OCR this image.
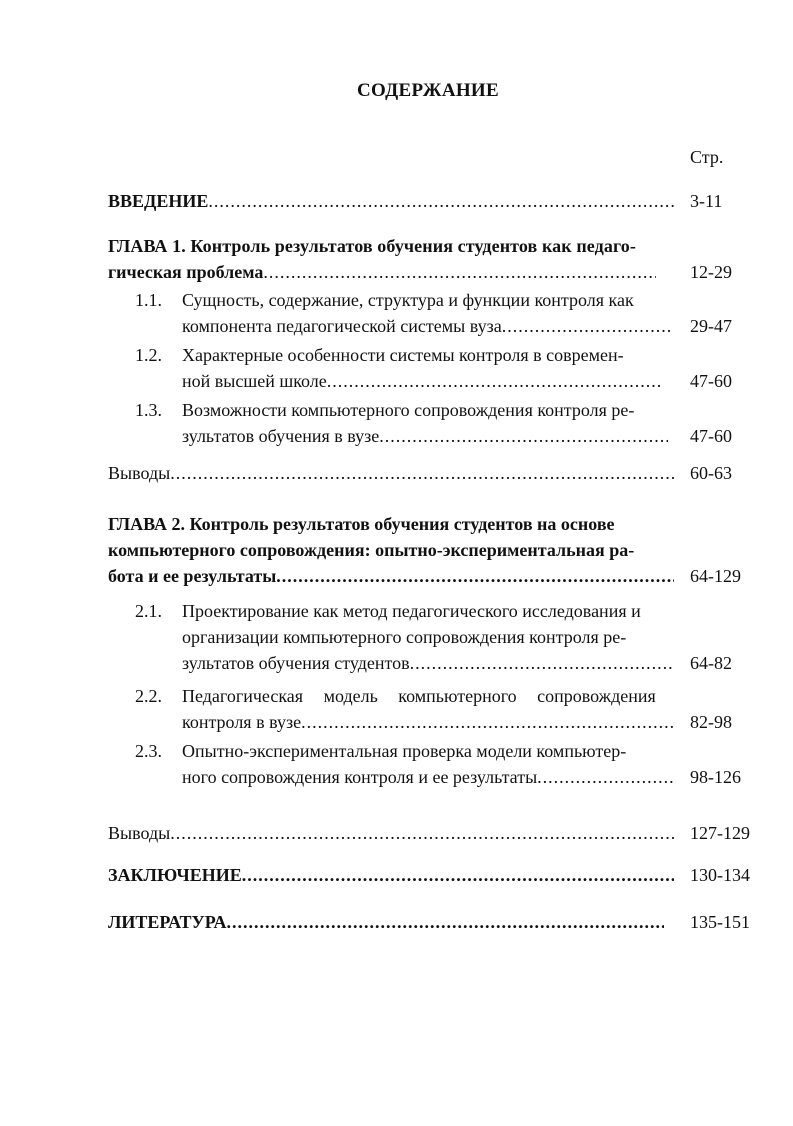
СОДЕРЖАНИЕ
Стр.
ВВЕДЕНИЕ .....	3-11
ГЛАВА 1. Контроль результатов обучения студентов как педаго-
гическая проблема .....	12-29
1.1. Сущность, содержание, структура и функции контроля как
компонента педагогической системы вуза .....	29-47
1.2. Характерные особенности системы контроля в современ-
ной высшей школе .....	47-60
1.3. Возможности компьютерного сопровождения контроля ре-
зультатов обучения в вузе .....	47-60
Выводы .....	60-63
ГЛАВА 2. Контроль результатов обучения студентов на основе
компьютерного сопровождения: опытно-экспериментальная ра-
бота и ее результаты .....	64-129
2.1. Проектирование как метод педагогического исследования и
организации компьютерного сопровождения контроля ре-
зультатов обучения студентов .....	64-82
2.2. Педагогическая модель компьютерного сопровождения
контроля в вузе .....	82-98
2.3. Опытно-экспериментальная проверка модели компьютер-
ного сопровождения контроля и ее результаты .....	98-126
Выводы .....	127-129
ЗАКЛЮЧЕНИЕ .....	130-134
ЛИТЕРАТУРА .....	135-151
